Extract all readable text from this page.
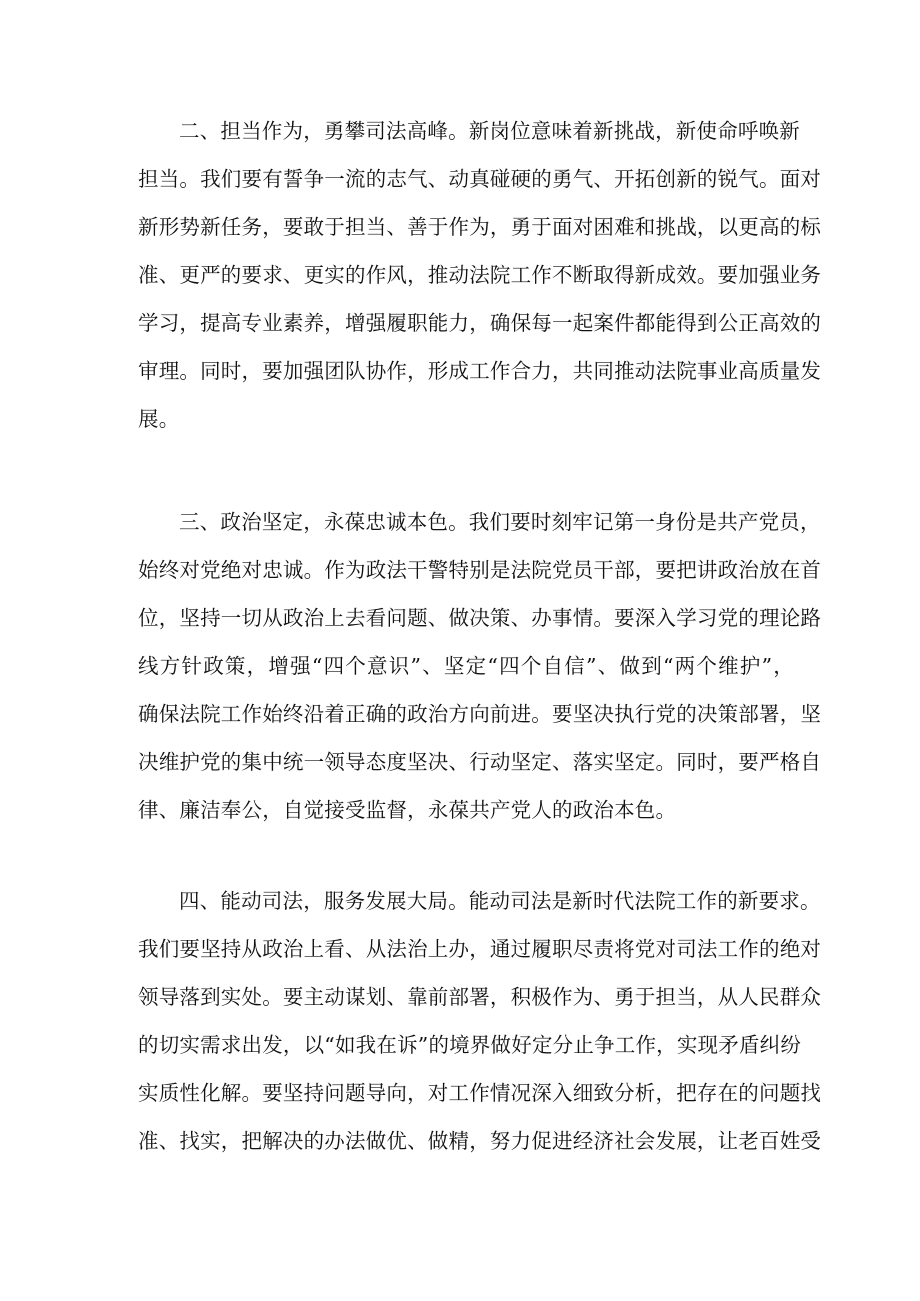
二、担当作为，勇攀司法高峰。新岗位意味着新挑战，新使命呼唤新
担当。我们要有誓争一流的志气、动真碰硬的勇气、开拓创新的锐气。面对
新形势新任务，要敢于担当、善于作为，勇于面对困难和挑战，以更高的标
准、更严的要求、更实的作风，推动法院工作不断取得新成效。要加强业务
学习，提高专业素养，增强履职能力，确保每一起案件都能得到公正高效的
审理。同时，要加强团队协作，形成工作合力，共同推动法院事业高质量发
展。
三、政治坚定，永葆忠诚本色。我们要时刻牢记第一身份是共产党员，
始终对党绝对忠诚。作为政法干警特别是法院党员干部，要把讲政治放在首
位，坚持一切从政治上去看问题、做决策、办事情。要深入学习党的理论路
线方针政策，增强“四个意识”、坚定“四个自信”、做到“两个维护”，
确保法院工作始终沿着正确的政治方向前进。要坚决执行党的决策部署，坚
决维护党的集中统一领导态度坚决、行动坚定、落实坚定。同时，要严格自
律、廉洁奉公，自觉接受监督，永葆共产党人的政治本色。
四、能动司法，服务发展大局。能动司法是新时代法院工作的新要求。
我们要坚持从政治上看、从法治上办，通过履职尽责将党对司法工作的绝对
领导落到实处。要主动谋划、靠前部署，积极作为、勇于担当，从人民群众
的切实需求出发，以“如我在诉”的境界做好定分止争工作，实现矛盾纠纷
实质性化解。要坚持问题导向，对工作情况深入细致分析，把存在的问题找
准、找实，把解决的办法做优、做精，努力促进经济社会发展，让老百姓受
